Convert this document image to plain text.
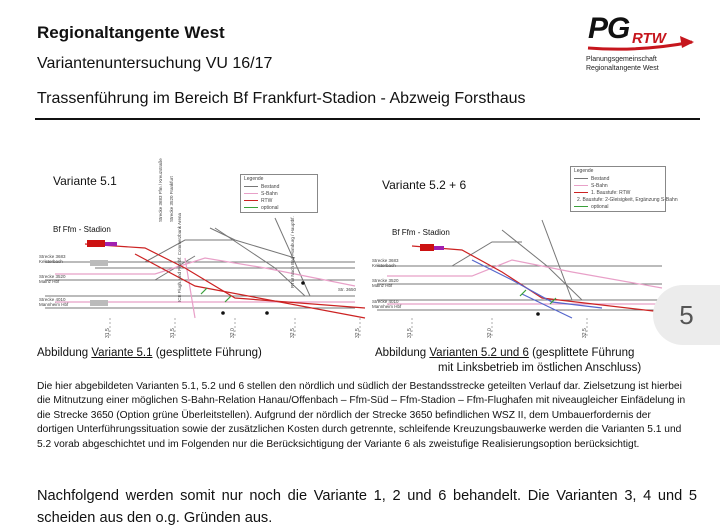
Regionaltangente West
Variantenuntersuchung VU 16/17
Trassenführung im Bereich Bf Frankfurt-Stadion - Abzweig Forsthaus
PG RTW
Planungsgemeinschaft
Regionaltangente West
Variante 5.1
Bf Ffm - Stadion
Strecke 3683
Kelsterbach
Strecke 3520
Mainz Hbf
Strecke 4010
Mannheim Hbf
Str. 3650
Strecke 3683 Ffm / Kreuzstraße Strecke 3520 Frankfurt
ICE Flugh. und Fernbf. Commerzbank Arena	RTW Nach Bad Homburg / Hauptbf.
31,5	31,5	32,0	32,5	32,5
Legende
Bestand
S-Bahn
RTW
optional
Variante 5.2 + 6
Bf Ffm - Stadion
Strecke 3683
Kelsterbach
Strecke 3520
Mainz Hbf
Strecke 4010
Mannheim Hbf
31,5	32,0	32,5
Legende
Bestand
S-Bahn
1. Baustufe: RTW
2. Baustufe: 2-Gleisigkeit, Ergänzung S-Bahn
optional
5
Abbildung Variante 5.1 (gesplittete Führung)	Abbildung Varianten 5.2 und 6 (gesplittete Führung
mit Linksbetrieb im östlichen Anschluss)
Die hier abgebildeten Varianten 5.1, 5.2 und 6 stellen den nördlich und südlich der Bestandsstrecke geteilten Verlauf dar. Zielsetzung ist hierbei die Mitnutzung einer möglichen S-Bahn-Relation Hanau/Offenbach – Ffm-Süd – Ffm-Stadion – Ffm-Flughafen mit niveaugleicher Einfädelung in die Strecke 3650 (Option grüne Überleitstellen). Aufgrund der nördlich der Strecke 3650 befindlichen WSZ II, dem Umbauerfordernis der dortigen Unterführungssituation sowie der zusätzlichen Kosten durch getrennte, schleifende Kreuzungsbauwerke werden die Varianten 5.1 und 5.2 vorab abgeschichtet und im Folgenden nur die Berücksichtigung der Variante 6 als zweistufige Realisierungsoption berücksichtigt.
Nachfolgend werden somit nur noch die Variante 1, 2 und 6 behandelt. Die Varianten 3, 4 und 5 scheiden aus den o.g. Gründen aus.
